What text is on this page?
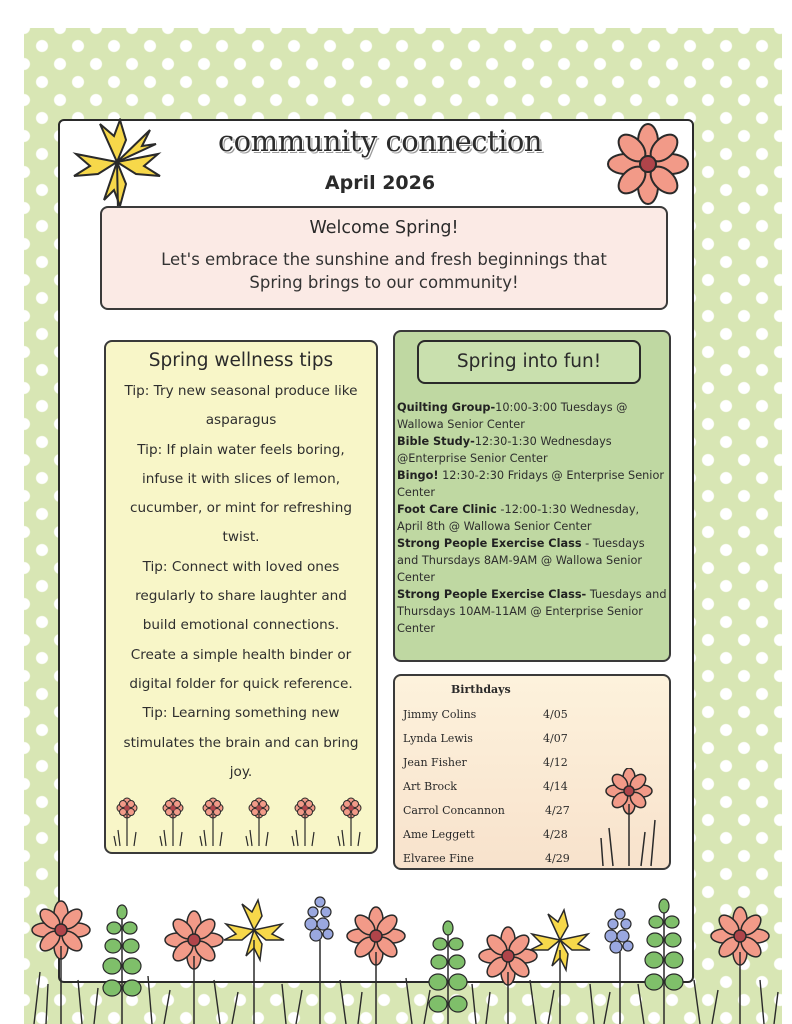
community connection
April 2026
Welcome Spring!
Let's embrace the sunshine and fresh beginnings that Spring brings to our community!
Spring wellness tips
Tip: Try new seasonal produce like
asparagus
Tip: If plain water feels boring,
infuse it with slices of lemon,
cucumber, or mint for refreshing
twist.
Tip: Connect with loved ones
regularly to share laughter and
build emotional connections.
Create a simple health binder or
digital folder for quick reference.
Tip: Learning something new
stimulates the brain and can bring
joy.
Spring into fun!
Quilting Group-10:00-3:00 Tuesdays @ Wallowa Senior Center
Bible Study-12:30-1:30 Wednesdays @Enterprise Senior Center
Bingo! 12:30-2:30 Fridays @ Enterprise Senior Center
Foot Care Clinic -12:00-1:30 Wednesday, April 8th @ Wallowa Senior Center
Strong People Exercise Class - Tuesdays and Thursdays 8AM-9AM @ Wallowa Senior Center
Strong People Exercise Class- Tuesdays and Thursdays 10AM-11AM @ Enterprise Senior Center
Birthdays
Jimmy Colins	4/05
Lynda Lewis	4/07
Jean Fisher	4/12
Art Brock	4/14
Carrol Concannon	4/27
Ame Leggett	4/28
Elvaree Fine	4/29
